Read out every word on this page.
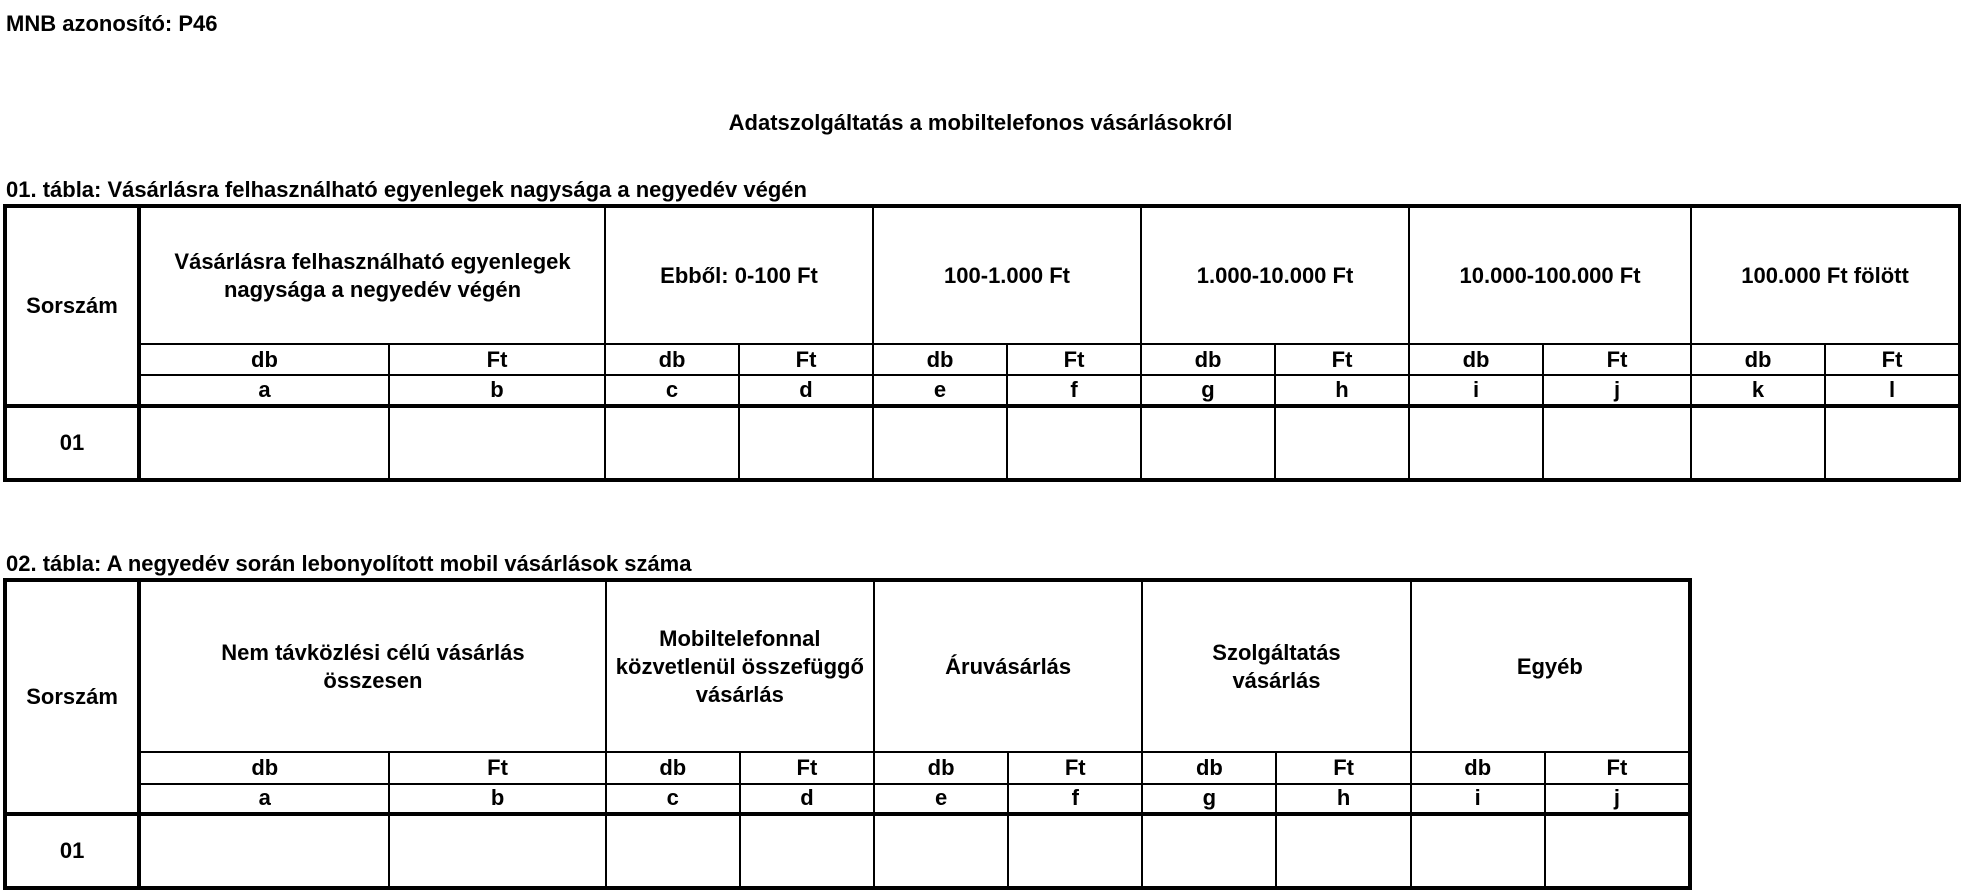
MNB azonosító: P46
Adatszolgáltatás a mobiltelefonos vásárlásokról
01. tábla: Vásárlásra felhasználható egyenlegek nagysága a negyedév végén
Sorszám	Vásárlásra felhasználható egyenlegek nagysága a negyedév végén		Ebből: 0-100 Ft		100-1.000 Ft		1.000-10.000 Ft		10.000-100.000 Ft		100.000 Ft fölött	
	db	Ft	db	Ft	db	Ft	db	Ft	db	Ft	db	Ft
	a	b	c	d	e	f	g	h	i	j	k	l
01												
02. tábla: A negyedév során lebonyolított mobil vásárlások száma
Sorszám	Nem távközlési célú vásárlás összesen		Mobiltelefonnal közvetlenül összefüggő vásárlás		Áruvásárlás		Szolgáltatás vásárlás		Egyéb	
	db	Ft	db	Ft	db	Ft	db	Ft	db	Ft
	a	b	c	d	e	f	g	h	i	j
01										
